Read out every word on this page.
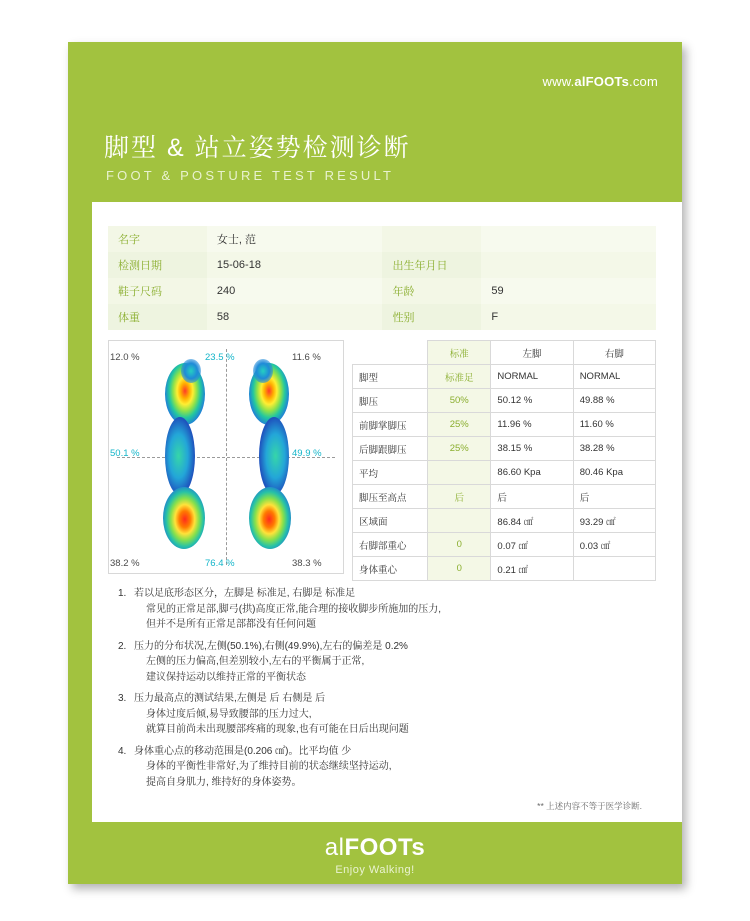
www.alFOOTs.com
脚型 & 站立姿势检测诊断
FOOT & POSTURE TEST RESULT
名字	女士, 范		
检测日期	15-06-18	出生年月日	
鞋子尺码	240	年龄	59
体重	58	性别	F
12.0 %	23.5 %	11.6 %
50.1 %	49.9 %
38.2 %	76.4 %	38.3 %
	标准	左脚	右脚
脚型	标准足	NORMAL	NORMAL
脚压	50%	50.12 %	49.88 %
前脚掌脚压	25%	11.96 %	11.60 %
后脚跟脚压	25%	38.15 %	38.28 %
平均		86.60 Kpa	80.46 Kpa
脚压至高点	后	后	后
区域面		86.84 ㎠	93.29 ㎠
右脚部重心	0	0.07 ㎠	0.03 ㎠
身体重心	0	0.21 ㎠	
1. 若以足底形态区分，左脚是 标准足, 右脚是 标准足
常见的正常足部,脚弓(拱)高度正常,能合理的接收脚步所施加的压力,
但并不是所有正常足部都没有任何问题
2. 压力的分布状况,左侧(50.1%),右侧(49.9%),左右的偏差是 0.2%
左侧的压力偏高,但差别较小,左右的平衡属于正常,
建议保持运动以维持正常的平衡状态
3. 压力最高点的测试结果,左侧是 后 右侧是 后
身体过度后倾,易导致腰部的压力过大,
就算目前尚未出现腰部疼痛的现象,也有可能在日后出现问题
4. 身体重心点的移动范围是(0.206 ㎠)。比平均值 少
身体的平衡性非常好,为了维持目前的状态继续坚持运动,
提高自身肌力, 维持好的身体姿势。
** 上述内容不等于医学诊断.
alFOOTs
Enjoy Walking!
